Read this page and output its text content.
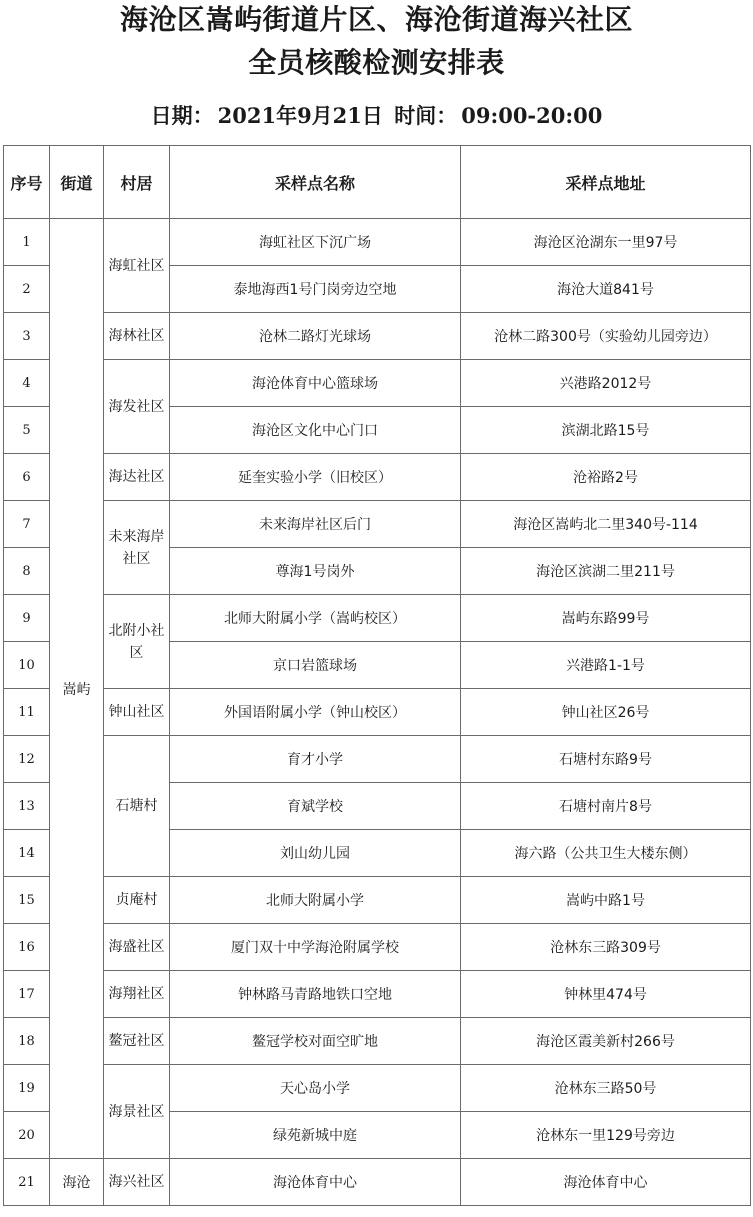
海沧区嵩屿街道片区、海沧街道海兴社区
全员核酸检测安排表
日期： 2021年9月21日 时间： 09:00-20:00
序号	街道	村居	采样点名称	采样点地址
1	嵩屿	海虹社区	海虹社区下沉广场	海沧区沧湖东一里97号
2			泰地海西1号门岗旁边空地	海沧大道841号
3		海林社区	沧林二路灯光球场	沧林二路300号（实验幼儿园旁边）
4		海发社区	海沧体育中心篮球场	兴港路2012号
5			海沧区文化中心门口	滨湖北路15号
6		海达社区	延奎实验小学（旧校区）	沧裕路2号
7		未来海岸社区	未来海岸社区后门	海沧区嵩屿北二里340号-114
8			尊海1号岗外	海沧区滨湖二里211号
9		北附小社区	北师大附属小学（嵩屿校区）	嵩屿东路99号
10			京口岩篮球场	兴港路1-1号
11		钟山社区	外国语附属小学（钟山校区）	钟山社区26号
12		石塘村	育才小学	石塘村东路9号
13			育斌学校	石塘村南片8号
14			刘山幼儿园	海六路（公共卫生大楼东侧）
15		贞庵村	北师大附属小学	嵩屿中路1号
16		海盛社区	厦门双十中学海沧附属学校	沧林东三路309号
17		海翔社区	钟林路马青路地铁口空地	钟林里474号
18		鳌冠社区	鳌冠学校对面空旷地	海沧区霞美新村266号
19		海景社区	天心岛小学	沧林东三路50号
20			绿苑新城中庭	沧林东一里129号旁边
21	海沧	海兴社区	海沧体育中心	海沧体育中心
